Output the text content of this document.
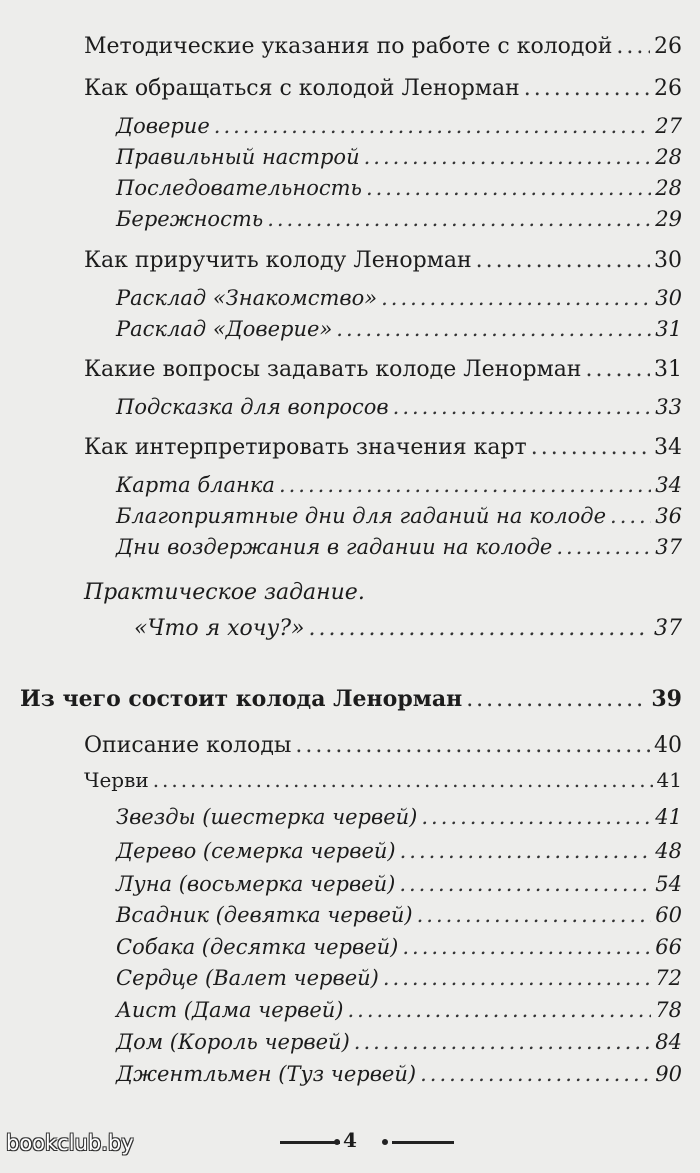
Методические указания по работе с колодой ..... 26
Как обращаться с колодой Ленорман .....	26
Доверие .....	27
Правильный настрой .....	28
Последовательность .....	28
Бережность .....	29
Как приручить колоду Ленорман .....	30
Расклад «Знакомство» .....	30
Расклад «Доверие» .....	31
Какие вопросы задавать колоде Ленорман .....	31
Подсказка для вопросов .....	33
Как интерпретировать значения карт .....	34
Карта бланка .....	34
Благоприятные дни для гаданий на колоде ..... 36
Дни воздержания в гадании на колоде .....	37
Практическое задание.
«Что я хочу?» .....	37
Из чего состоит колода Ленорман .....	39
Описание колоды .....	40
Черви .....	41
Звезды (шестерка червей) .....	41
Дерево (семерка червей) .....	48
Луна (восьмерка червей) .....	54
Всадник (девятка червей) .....	60
Собака (десятка червей) .....	66
Сердце (Валет червей) .....	72
Аист (Дама червей) .....	78
Дом (Король червей) .....	84
Джентльмен (Туз червей) .....	90
4
bookclub.by
